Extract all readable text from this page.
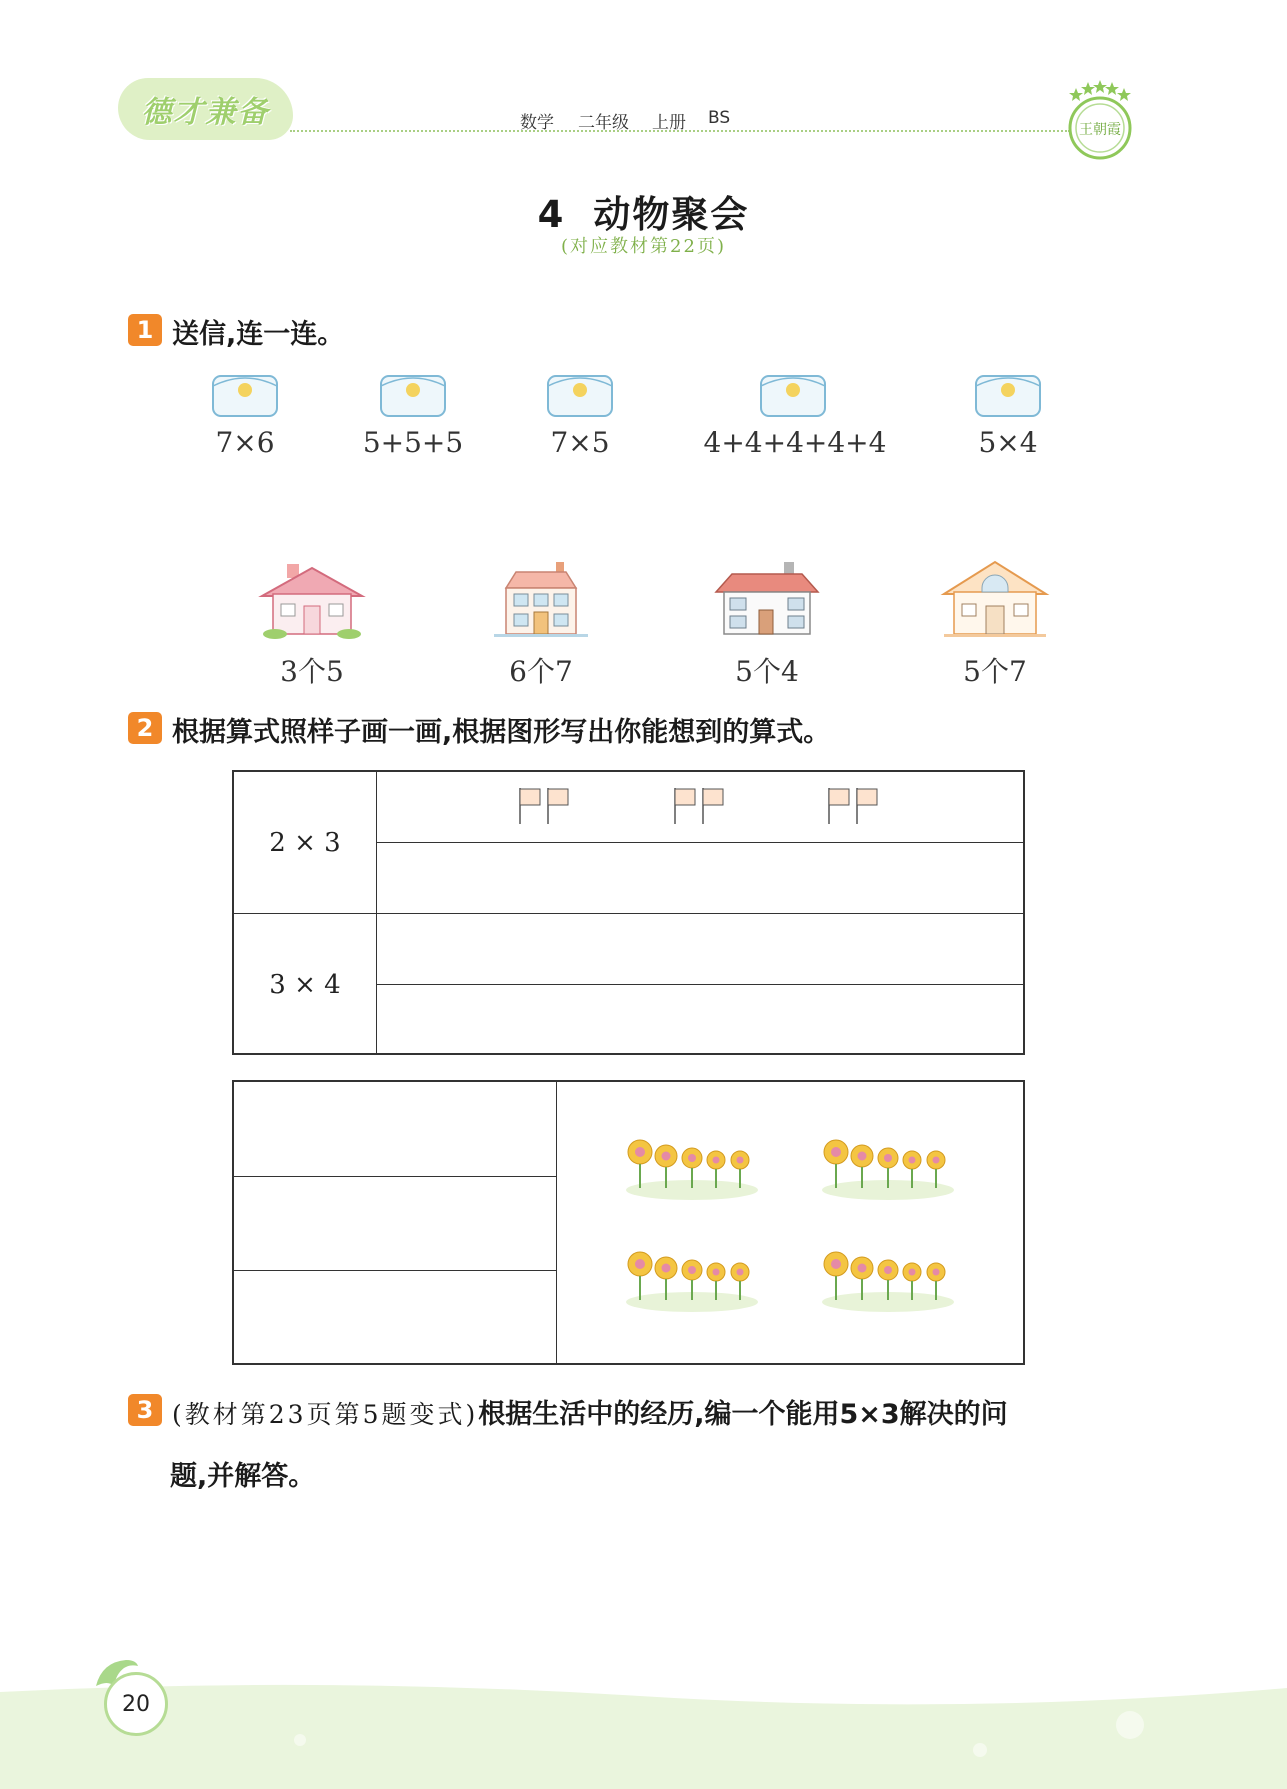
德才兼备	数学 二年级 上册 BS
王朝霞
4 动物聚会
(对应教材第22页)
1 送信,连一连。
7×6	5+5+5	7×5	4+4+4+4+4	5×4
3个5	6个7	5个4	5个7
2 根据算式照样子画一画,根据图形写出你能想到的算式。
2 × 3
3 × 4
3 (教材第23页第5题变式)根据生活中的经历,编一个能用5×3解决的问
题,并解答。
20
